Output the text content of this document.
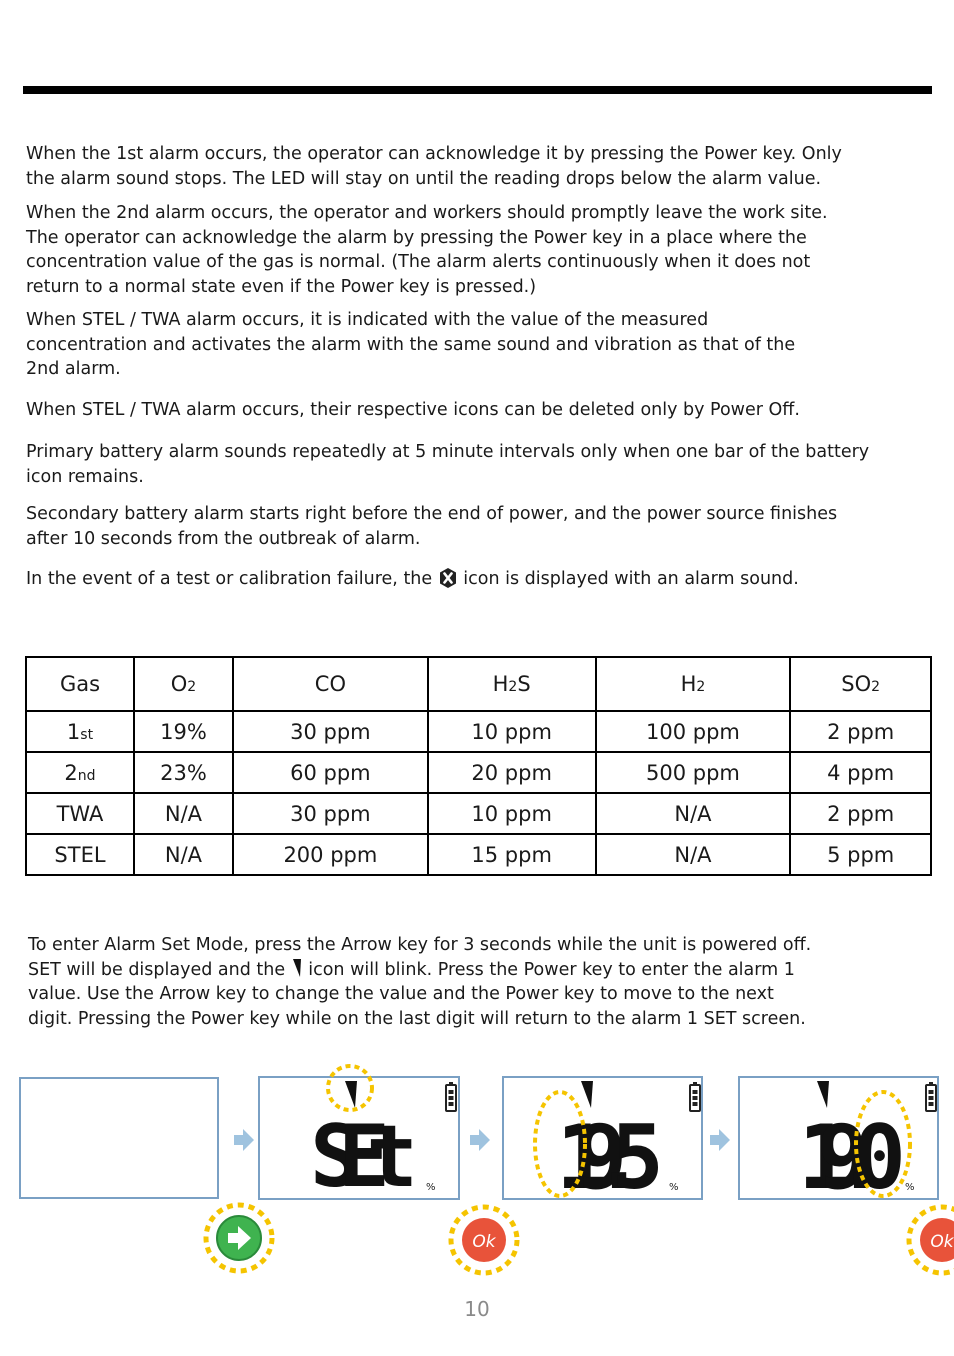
When the 1st alarm occurs, the operator can acknowledge it by pressing the Power key. Only
the alarm sound stops. The LED will stay on until the reading drops below the alarm value.

When the 2nd alarm occurs, the operator and workers should promptly leave the work site.
The operator can acknowledge the alarm by pressing the Power key in a place where the
concentration value of the gas is normal. (The alarm alerts continuously when it does not
return to a normal state even if the Power key is pressed.)

When STEL / TWA alarm occurs, it is indicated with the value of the measured
concentration and activates the alarm with the same sound and vibration as that of the
2nd alarm.

When STEL / TWA alarm occurs, their respective icons can be deleted only by Power Off.

Primary battery alarm sounds repeatedly at 5 minute intervals only when one bar of the battery
icon remains.

Secondary battery alarm starts right before the end of power, and the power source finishes
after 10 seconds from the outbreak of alarm.

In the event of a test or calibration failure, the  icon is displayed with an alarm sound.

Gas	O2	CO	H2S	H2	SO2
1st	19%	30 ppm	10 ppm	100 ppm	2 ppm
2nd	23%	60 ppm	20 ppm	500 ppm	4 ppm
TWA	N/A	30 ppm	10 ppm	N/A	2 ppm
STEL	N/A	200 ppm	15 ppm	N/A	5 ppm

To enter Alarm Set Mode, press the Arrow key for 3 seconds while the unit is powered off.
SET will be displayed and the  icon will blink. Press the Power key to enter the alarm 1
value. Use the Arrow key to change the value and the Power key to move to the next
digit. Pressing the Power key while on the last digit will return to the alarm 1 SET screen.

SEt % 19.5 % 19.0 %
Ok	Ok
10
